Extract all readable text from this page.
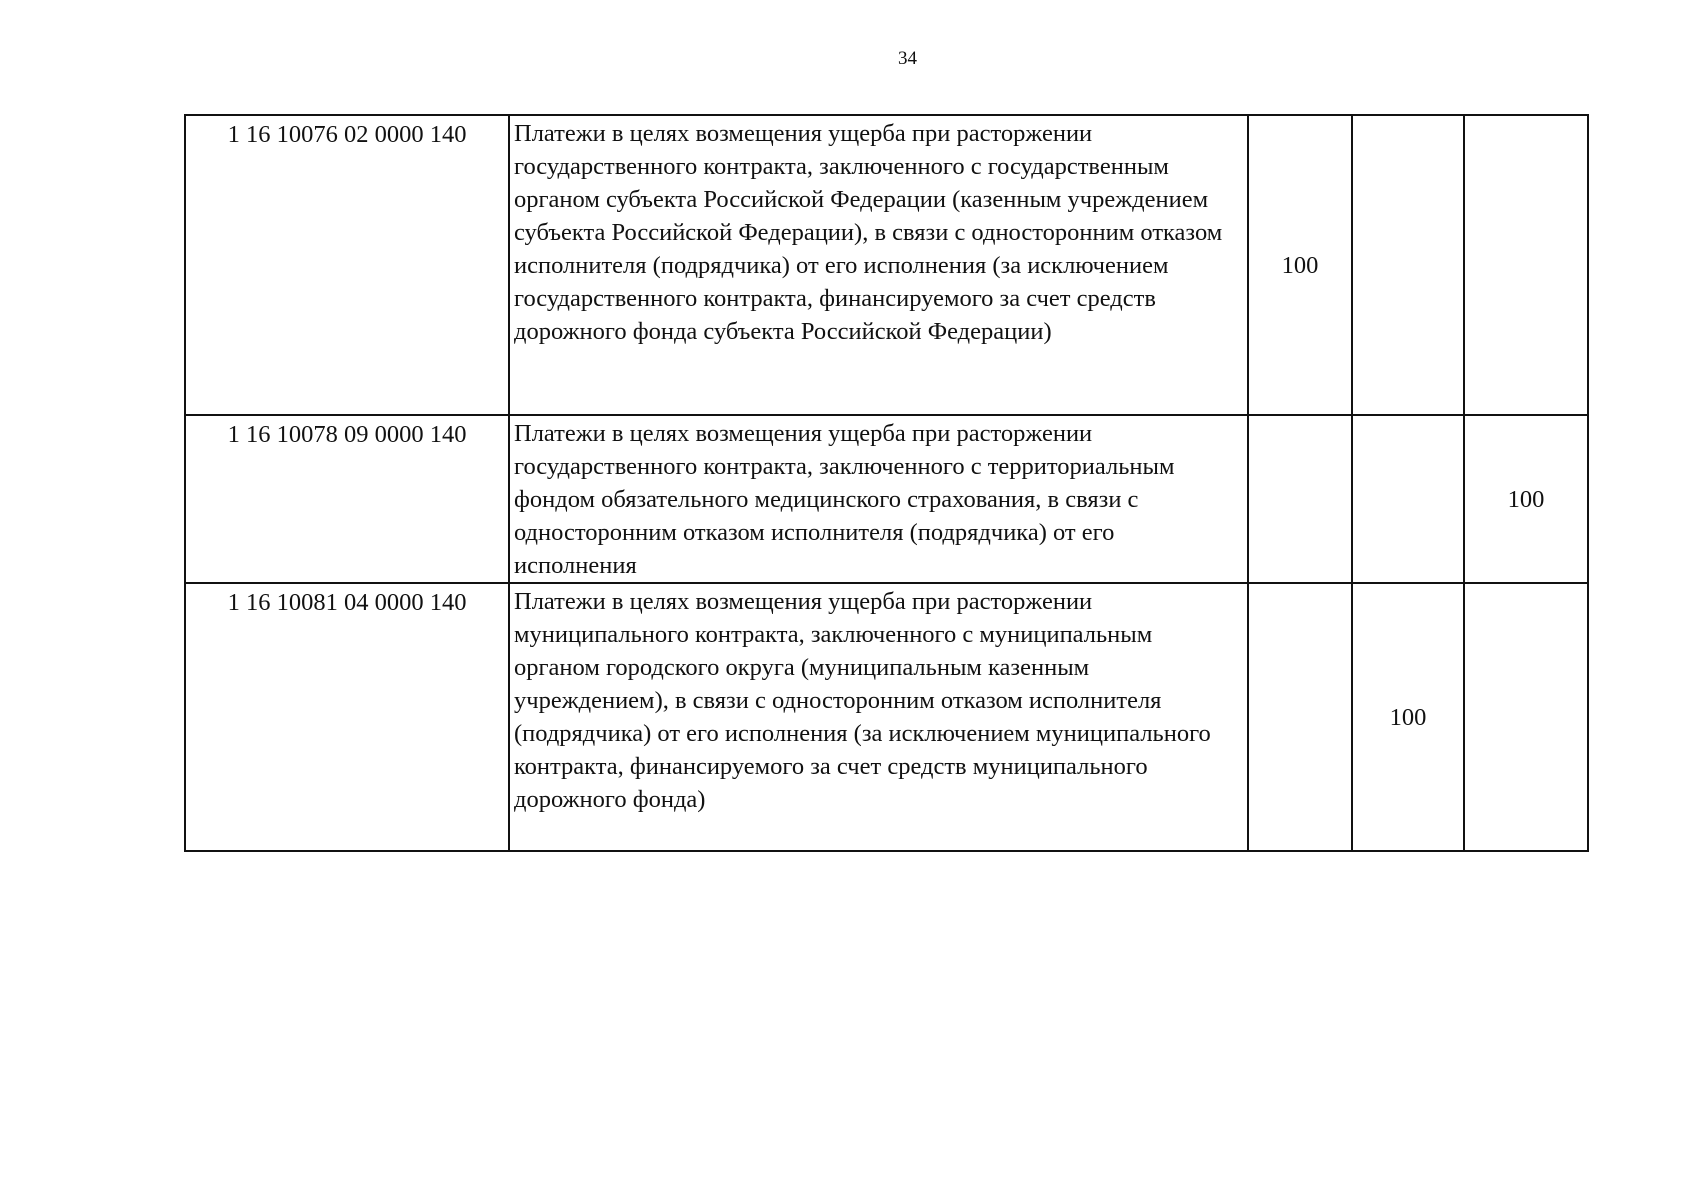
34
1 16 10076 02 0000 140	Платежи в целях возмещения ущерба при расторжении государственного контракта, заключенного с государственным органом субъекта Российской Федерации (казенным учреждением субъекта Российской Федерации), в связи с односторонним отказом исполнителя (подрядчика) от его исполнения (за исключением государственного контракта, финансируемого за счет средств дорожного фонда субъекта Российской Федерации)	100		
1 16 10078 09 0000 140	Платежи в целях возмещения ущерба при расторжении государственного контракта, заключенного с территориальным фондом обязательного медицинского страхования, в связи с односторонним отказом исполнителя (подрядчика) от его исполнения			100
1 16 10081 04 0000 140	Платежи в целях возмещения ущерба при расторжении муниципального контракта, заключенного с муниципальным органом городского округа (муниципальным казенным учреждением), в связи с односторонним отказом исполнителя (подрядчика) от его исполнения (за исключением муниципального контракта, финансируемого за счет средств муниципального дорожного фонда)		100	
